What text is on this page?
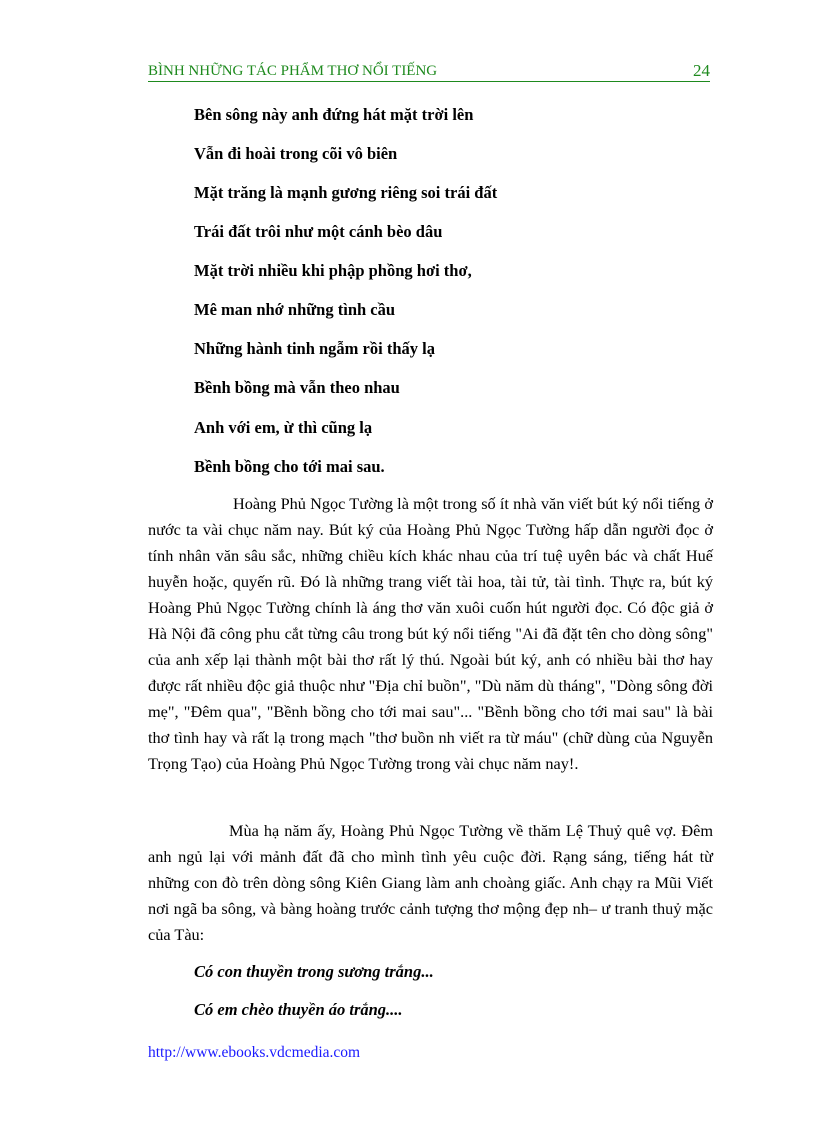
BÌNH NHỮNG TÁC PHẨM THƠ NỔI TIẾNG	24
Bên sông này anh đứng hát mặt trời lên
Vẫn đi hoài trong cõi vô biên
Mặt trăng là mạnh gương riêng soi trái đất
Trái đất trôi như một cánh bèo dâu
Mặt trời nhiều khi phập phồng hơi thơ,
Mê man nhớ những tình cầu
Những hành tinh ngẫm rồi thấy lạ
Bềnh bồng mà vẫn theo nhau
Anh với em, ừ thì cũng lạ
Bềnh bồng cho tới mai sau.

Hoàng Phủ Ngọc Tường là một trong số ít nhà văn viết bút ký nổi tiếng ở nước ta vài chục năm nay. Bút ký của Hoàng Phủ Ngọc Tường hấp dẫn người đọc ở tính nhân văn sâu sắc, những chiều kích khác nhau của trí tuệ uyên bác và chất Huế huyễn hoặc, quyến rũ. Đó là những trang viết tài hoa, tài tử, tài tình. Thực ra, bút ký Hoàng Phủ Ngọc Tường chính là áng thơ văn xuôi cuốn hút người đọc. Có độc giả ở Hà Nội đã công phu cắt từng câu trong bút ký nổi tiếng "Ai đã đặt tên cho dòng sông" của anh xếp lại thành một bài thơ rất lý thú. Ngoài bút ký, anh có nhiều bài thơ hay được rất nhiều độc giả thuộc như "Địa chỉ buồn", "Dù năm dù tháng", "Dòng sông đời mẹ", "Đêm qua", "Bềnh bồng cho tới mai sau"... "Bềnh bồng cho tới mai sau" là bài thơ tình hay và rất lạ trong mạch "thơ buồn nh viết ra từ máu" (chữ dùng của Nguyễn Trọng Tạo) của Hoàng Phủ Ngọc Tường trong vài chục năm nay!.

Mùa hạ năm ấy, Hoàng Phủ Ngọc Tường về thăm Lệ Thuỷ quê vợ. Đêm anh ngủ lại với mảnh đất đã cho mình tình yêu cuộc đời. Rạng sáng, tiếng hát từ những con đò trên dòng sông Kiên Giang làm anh choàng giấc. Anh chạy ra Mũi Viết nơi ngã ba sông, và bàng hoàng trước cảnh tượng thơ mộng đẹp nh– ư tranh thuỷ mặc của Tàu:

Có con thuyền trong sương trắng...
Có em chèo thuyền áo trắng....
http://www.ebooks.vdcmedia.com
